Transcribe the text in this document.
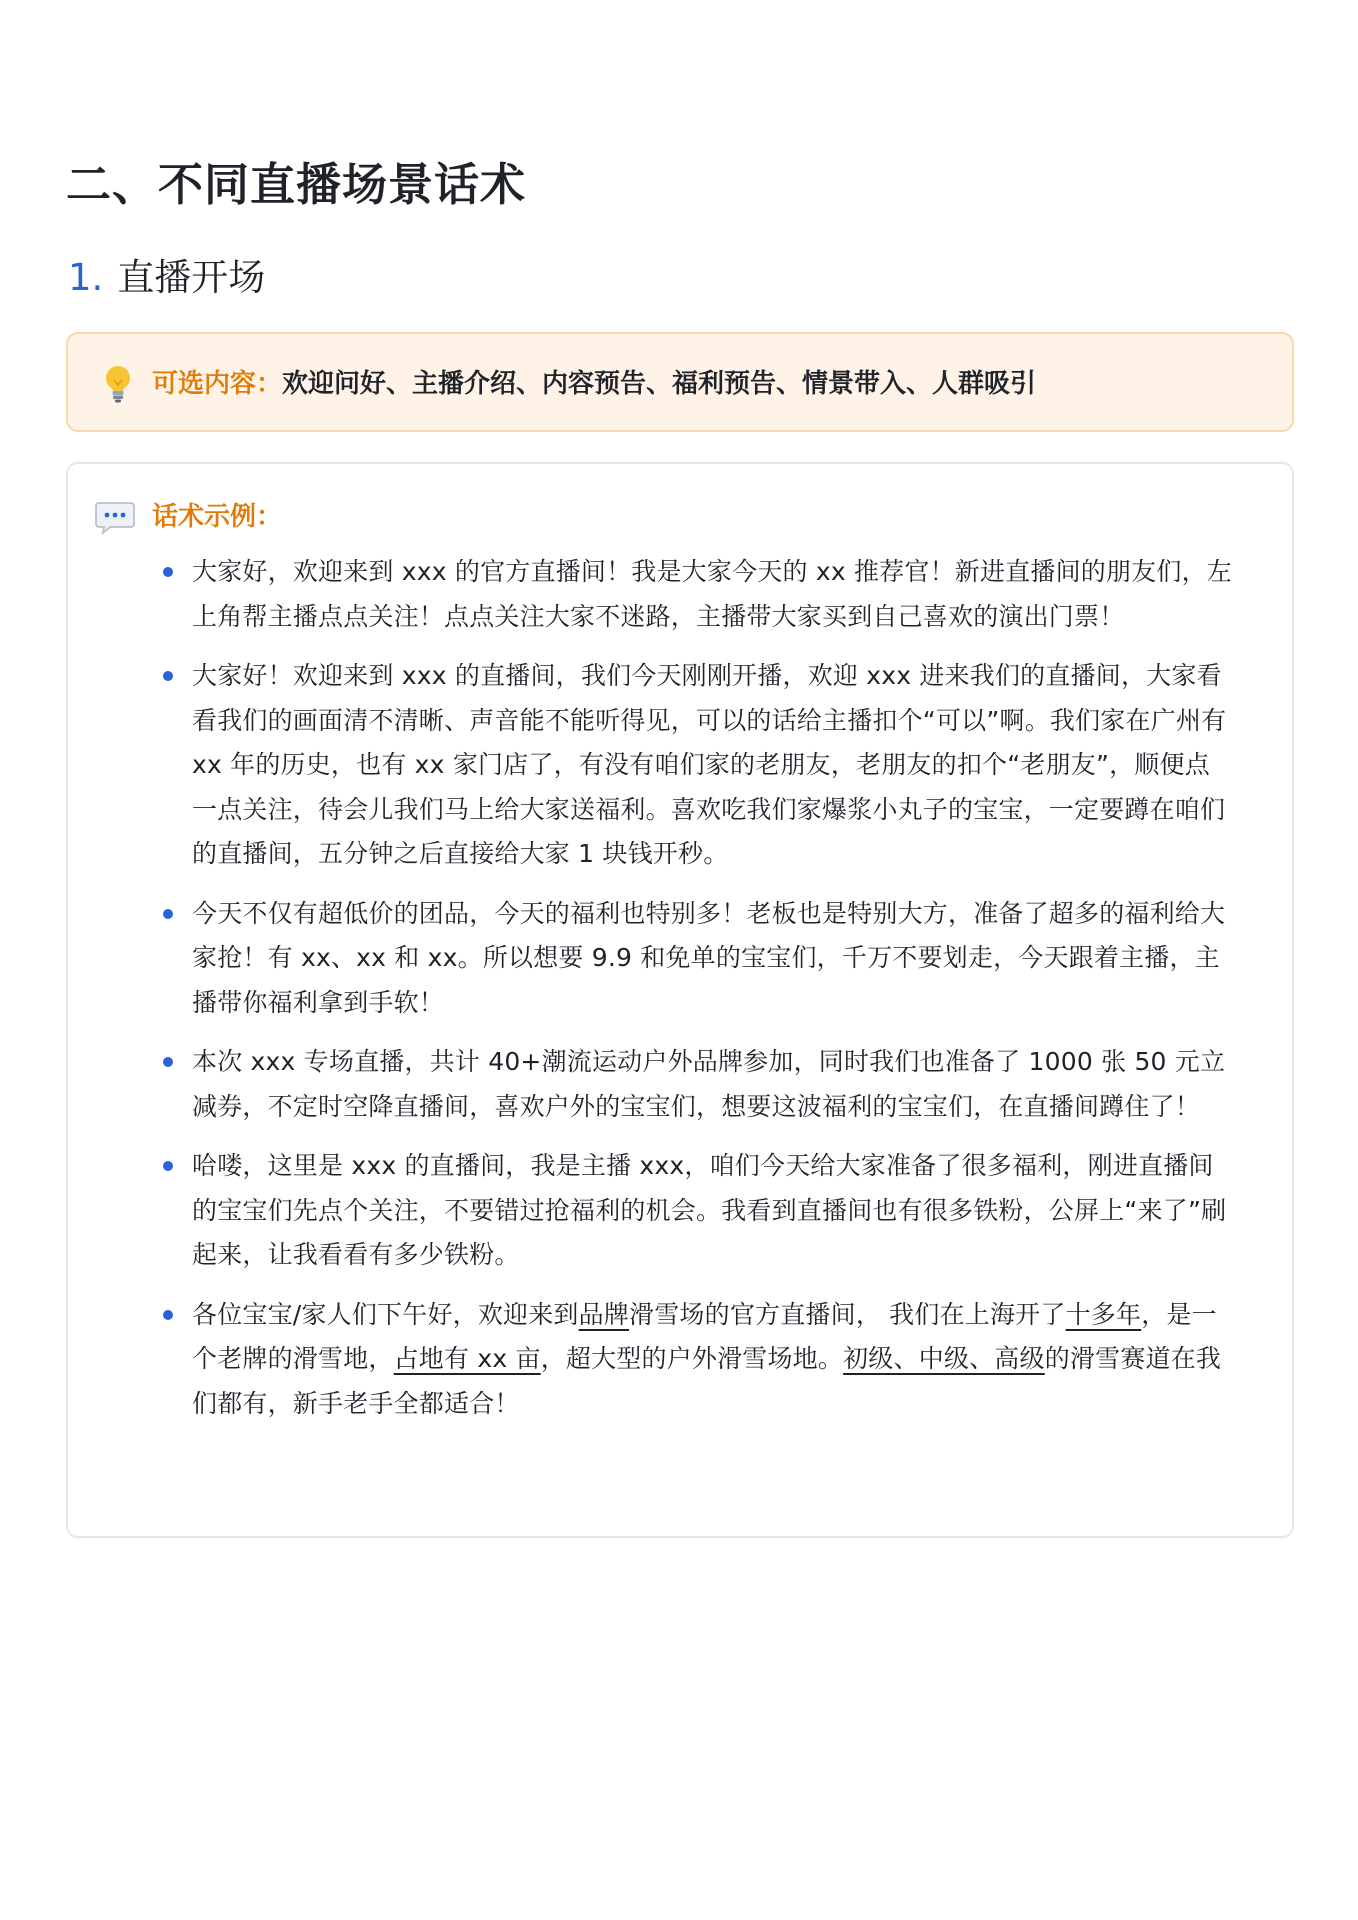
二、不同直播场景话术
1. 直播开场
可选内容：欢迎问好、主播介绍、内容预告、福利预告、情景带入、人群吸引
话术示例：
大家好，欢迎来到 xxx 的官方直播间！我是大家今天的 xx 推荐官！新进直播间的朋友们，左上角帮主播点点关注！点点关注大家不迷路，主播带大家买到自己喜欢的演出门票！
大家好！欢迎来到 xxx 的直播间，我们今天刚刚开播，欢迎 xxx 进来我们的直播间，大家看看我们的画面清不清晰、声音能不能听得见，可以的话给主播扣个“可以”啊。我们家在广州有 xx 年的历史，也有 xx 家门店了，有没有咱们家的老朋友，老朋友的扣个“老朋友”，顺便点一点关注，待会儿我们马上给大家送福利。喜欢吃我们家爆浆小丸子的宝宝，一定要蹲在咱们的直播间，五分钟之后直接给大家 1 块钱开秒。
今天不仅有超低价的团品，今天的福利也特别多！老板也是特别大方，准备了超多的福利给大家抢！有 xx、xx 和 xx。所以想要 9.9 和免单的宝宝们，千万不要划走，今天跟着主播，主播带你福利拿到手软！
本次 xxx 专场直播，共计 40+潮流运动户外品牌参加，同时我们也准备了 1000 张 50 元立减券，不定时空降直播间，喜欢户外的宝宝们，想要这波福利的宝宝们，在直播间蹲住了！
哈喽，这里是 xxx 的直播间，我是主播 xxx，咱们今天给大家准备了很多福利，刚进直播间的宝宝们先点个关注，不要错过抢福利的机会。我看到直播间也有很多铁粉，公屏上“来了”刷起来，让我看看有多少铁粉。
各位宝宝/家人们下午好，欢迎来到品牌滑雪场的官方直播间， 我们在上海开了十多年，是一个老牌的滑雪地，占地有 xx 亩，超大型的户外滑雪场地。初级、中级、高级的滑雪赛道在我们都有，新手老手全都适合！
